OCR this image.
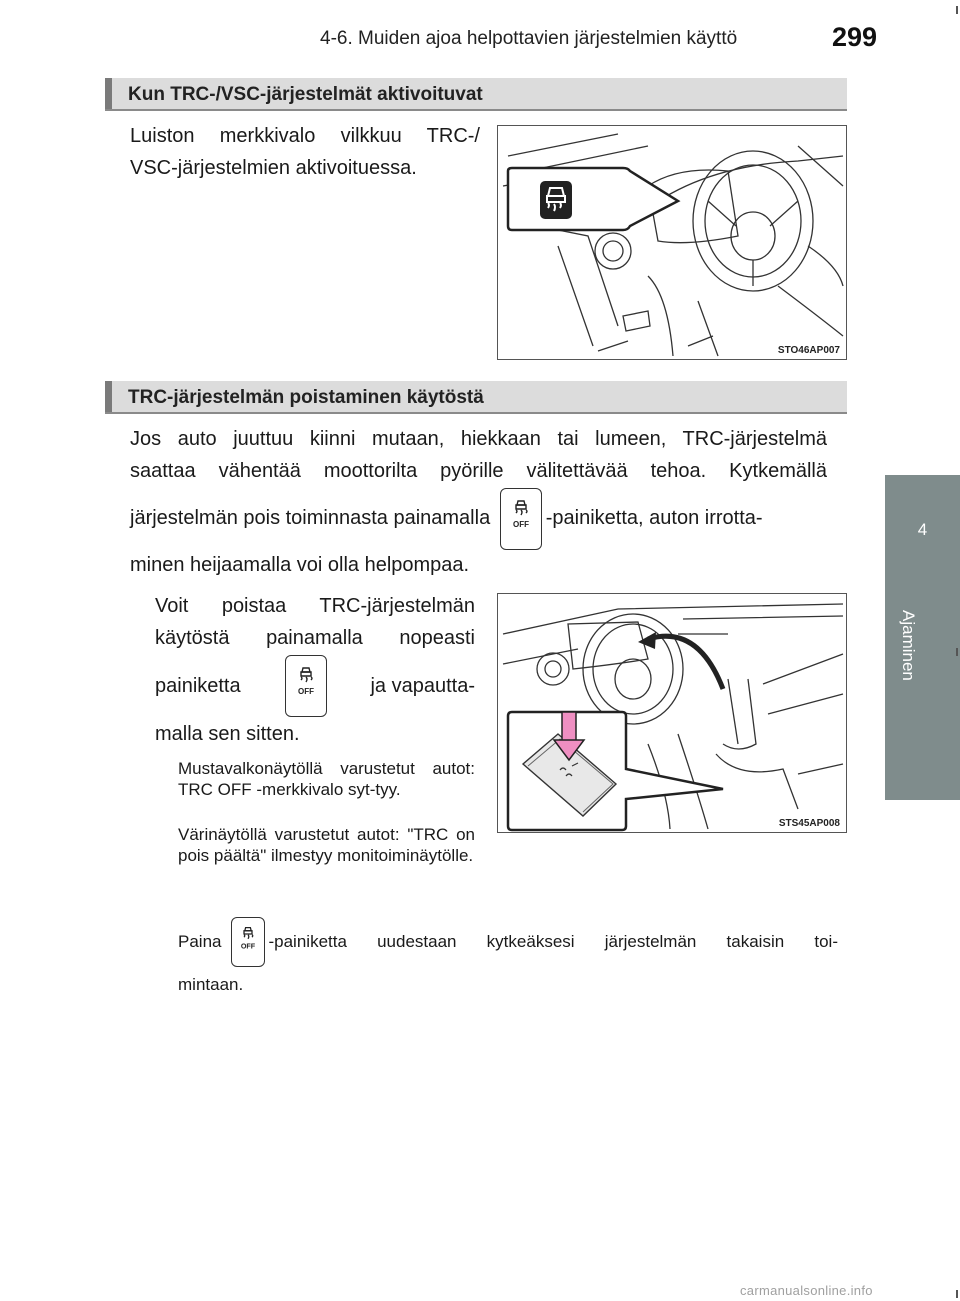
4-6. Muiden ajoa helpottavien järjestelmien käyttö	299
4
Ajaminen
Kun TRC-/VSC-järjestelmät aktivoituvat
Luiston merkkivalo vilkkuu TRC-/
VSC-järjestelmien aktivoituessa.
STO46AP007
TRC-järjestelmän poistaminen käytöstä
Jos auto juuttuu kiinni mutaan, hiekkaan tai lumeen, TRC-järjestelmä
saattaa vähentää moottorilta pyörille välitettävää tehoa. Kytkemällä
järjestelmän pois toiminnasta painamalla	OFF -painiketta, auton irrotta-
minen heijaamalla voi olla helpompaa.
Voit poistaa TRC-järjestelmän
käytöstä painamalla nopeasti
painiketta	OFF	ja vapautta-
malla sen sitten.
Mustavalkonäytöllä varustetut autot: TRC OFF -merkkivalo syt-tyy.
Värinäytöllä varustetut autot: "TRC on pois päältä" ilmestyy monitoiminäytölle.
STS45AP008
Paina OFF -painiketta uudestaan kytkeäksesi järjestelmän takaisin toi-
mintaan.
carmanualsonline.info
